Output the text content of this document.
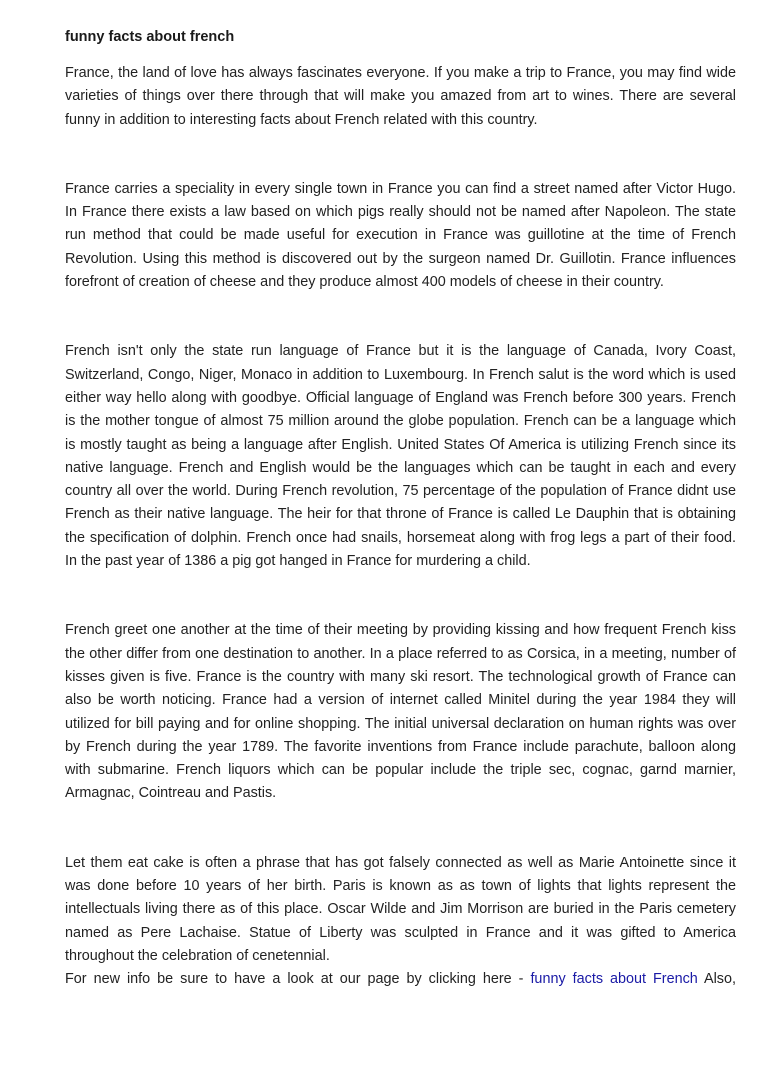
funny facts about french

France, the land of love has always fascinates everyone. If you make a trip to France, you may find wide varieties of things over there through that will make you amazed from art to wines. There are several funny in addition to interesting facts about French related with this country.

France carries a speciality in every single town in France you can find a street named after Victor Hugo. In France there exists a law based on which pigs really should not be named after Napoleon. The state run method that could be made useful for execution in France was guillotine at the time of French Revolution. Using this method is discovered out by the surgeon named Dr. Guillotin. France influences forefront of creation of cheese and they produce almost 400 models of cheese in their country.

French isn't only the state run language of France but it is the language of Canada, Ivory Coast, Switzerland, Congo, Niger, Monaco in addition to Luxembourg. In French salut is the word which is used either way hello along with goodbye. Official language of England was French before 300 years. French is the mother tongue of almost 75 million around the globe population. French can be a language which is mostly taught as being a language after English. United States Of America is utilizing French since its native language. French and English would be the languages which can be taught in each and every country all over the world. During French revolution, 75 percentage of the population of France didnt use French as their native language. The heir for that throne of France is called Le Dauphin that is obtaining the specification of dolphin. French once had snails, horsemeat along with frog legs a part of their food. In the past year of 1386 a pig got hanged in France for murdering a child.

French greet one another at the time of their meeting by providing kissing and how frequent French kiss the other differ from one destination to another. In a place referred to as Corsica, in a meeting, number of kisses given is five. France is the country with many ski resort. The technological growth of France can also be worth noticing. France had a version of internet called Minitel during the year 1984 they will utilized for bill paying and for online shopping. The initial universal declaration on human rights was over by French during the year 1789. The favorite inventions from France include parachute, balloon along with submarine. French liquors which can be popular include the triple sec, cognac, garnd marnier, Armagnac, Cointreau and Pastis.

Let them eat cake is often a phrase that has got falsely connected as well as Marie Antoinette since it was done before 10 years of her birth. Paris is known as as town of lights that lights represent the intellectuals living there as of this place. Oscar Wilde and Jim Morrison are buried in the Paris cemetery named as Pere Lachaise. Statue of Liberty was sculpted in France and it was gifted to America throughout the celebration of cenetennial.

For new info be sure to have a look at our page by clicking here - funny facts about French Also,
